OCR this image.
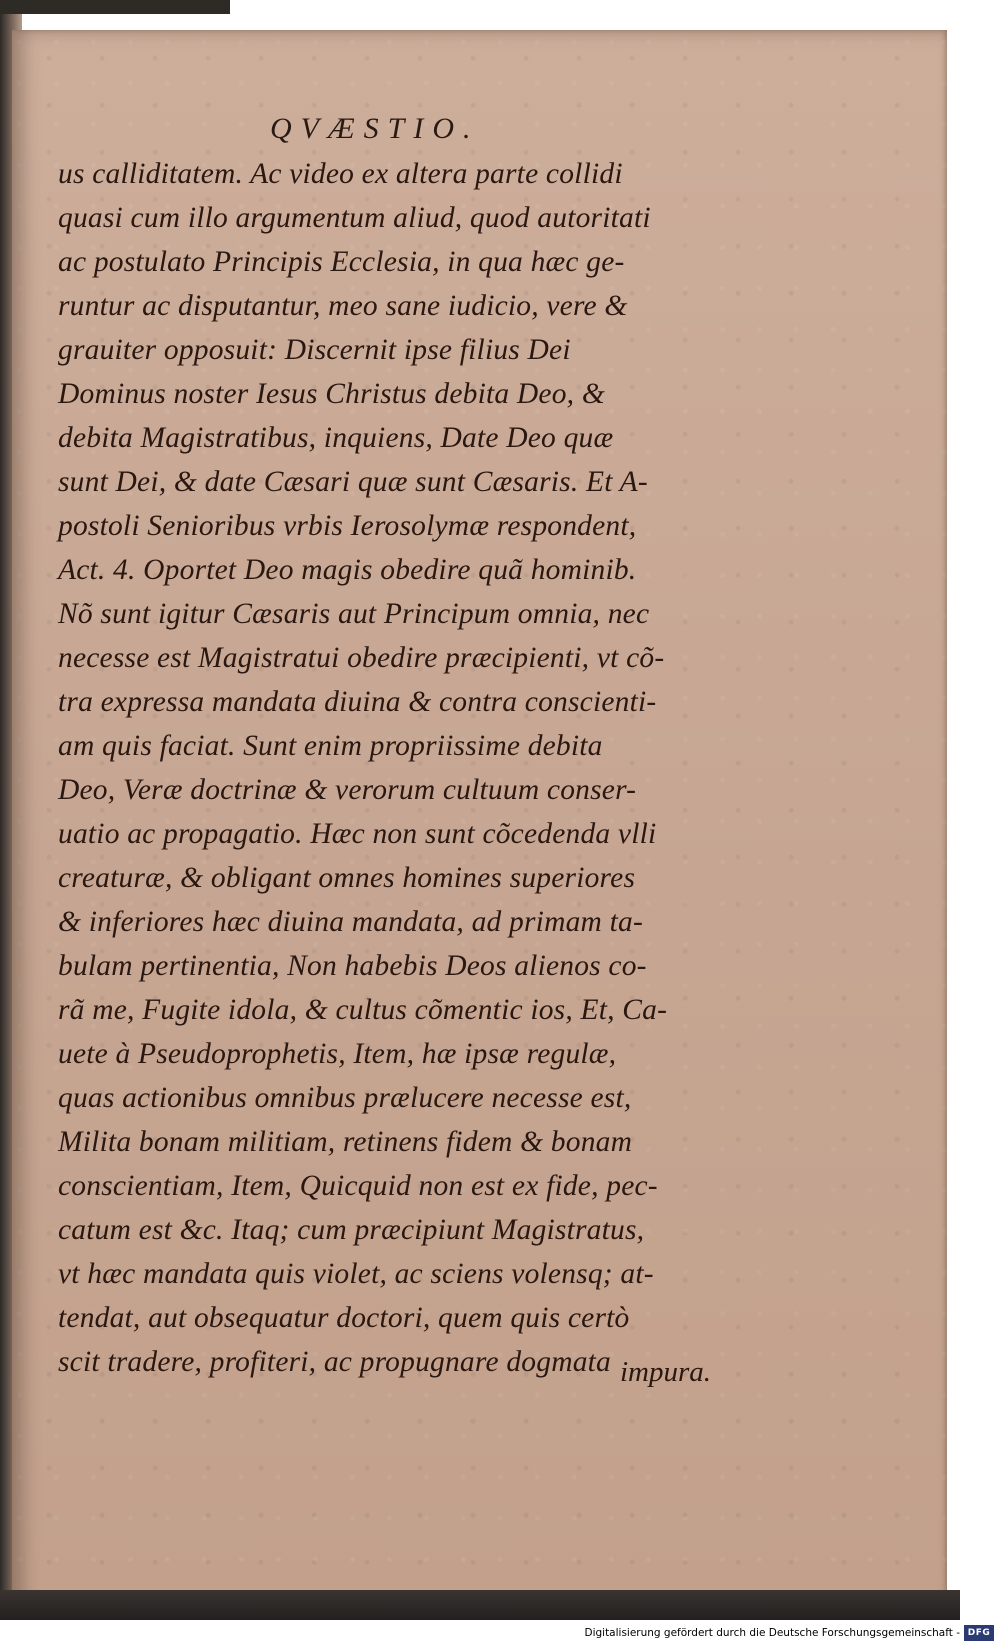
QVÆSTIO.
us calliditatem. Ac video ex altera parte collidi
quasi cum illo argumentum aliud, quod autoritati
ac postulato Principis Ecclesia, in qua hæc ge-
runtur ac disputantur, meo sane iudicio, vere &
grauiter opposuit: Discernit ipse filius Dei
Dominus noster Iesus Christus debita Deo, &
debita Magistratibus, inquiens, Date Deo quæ
sunt Dei, & date Cæsari quæ sunt Cæsaris. Et A-
postoli Senioribus vrbis Ierosolymæ respondent,
Act. 4. Oportet Deo magis obedire quã hominib.
Nõ sunt igitur Cæsaris aut Principum omnia, nec
necesse est Magistratui obedire præcipienti, vt cõ-
tra expressa mandata diuina & contra conscienti-
am quis faciat. Sunt enim propriissime debita
Deo, Veræ doctrinæ & verorum cultuum conser-
uatio ac propagatio. Hæc non sunt cõcedenda vlli
creaturæ, & obligant omnes homines superiores
& inferiores hæc diuina mandata, ad primam ta-
bulam pertinentia, Non habebis Deos alienos co-
rã me, Fugite idola, & cultus cõmentic ios, Et, Ca-
uete à Pseudoprophetis, Item, hæ ipsæ regulæ,
quas actionibus omnibus prælucere necesse est,
Milita bonam militiam, retinens fidem & bonam
conscientiam, Item, Quicquid non est ex fide, pec-
catum est &c. Itaq; cum præcipiunt Magistratus,
vt hæc mandata quis violet, ac sciens volensq; at-
tendat, aut obsequatur doctori, quem quis certò
scit tradere, profiteri, ac propugnare dogmata impura.
Digitalisierung gefördert durch die Deutsche Forschungsgemeinschaft - DFG
